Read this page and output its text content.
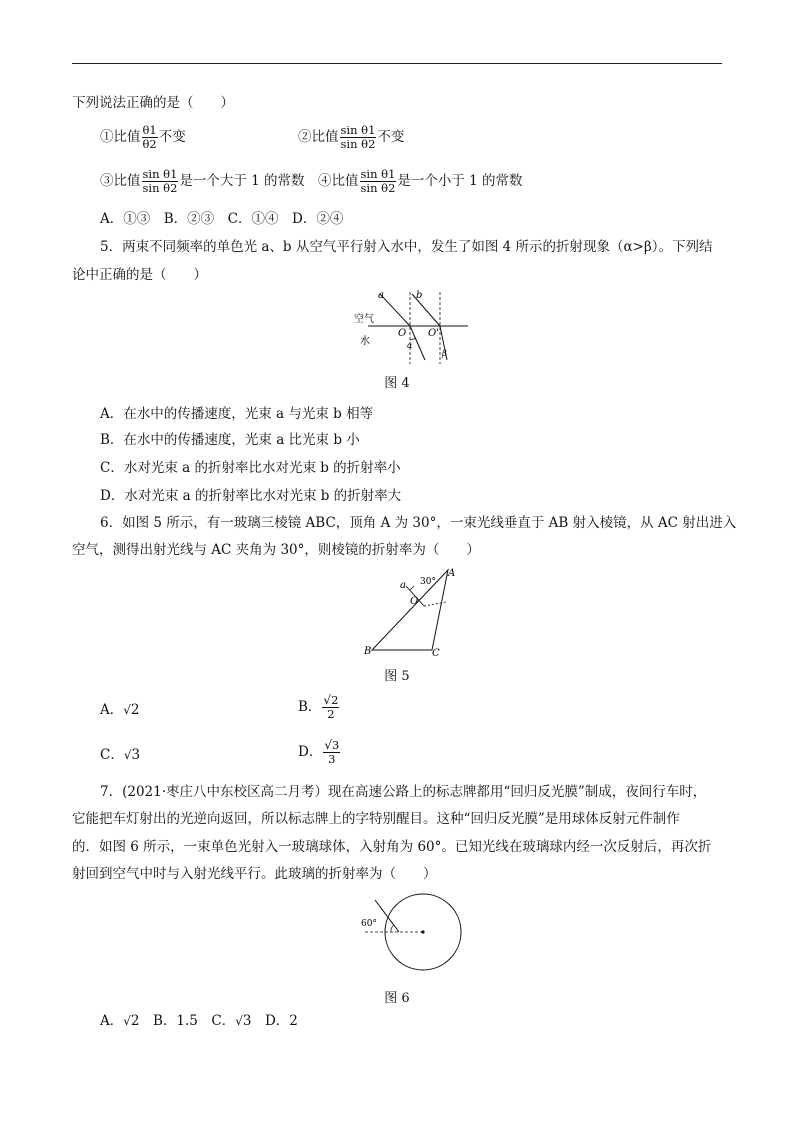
下列说法正确的是（　　）
①比值 $\frac{\theta 1}{\theta 2}$ 不变	②比值 $\frac{\text{sin θ1}}{\text{sin θ2}}$ 不变
③比值 $\frac{\text{sin θ1}}{\text{sin θ2}}$ 是一个大于 1 的常数 ④比值 $\frac{\text{sin θ1}}{\text{sin θ2}}$ 是一个小于 1 的常数
A．①③　B．②③　C．①④　D．②④
5．两束不同频率的单色光 a、b 从空气平行射入水中，发生了如图 4 所示的折射现象（α>β）。下列结
论中正确的是（　　）
空气
水
a	b
O O'
α
β
图 4
A．在水中的传播速度，光束 a 与光束 b 相等
B．在水中的传播速度，光束 a 比光束 b 小
C．水对光束 a 的折射率比水对光束 b 的折射率小
D．水对光束 a 的折射率比水对光束 b 的折射率大
6．如图 5 所示，有一玻璃三棱镜 ABC，顶角 A 为 30°，一束光线垂直于 AB 射入棱镜，从 AC 射出进入
空气，测得出射光线与 AC 夹角为 30°，则棱镜的折射率为（　　）
A
B	C
O
a 30°
图 5
A．√2	B． $\frac{√2}{2}$
C．√3	D． $\frac{√3}{3}$
7．(2021·枣庄八中东校区高二月考）现在高速公路上的标志牌都用“回归反光膜”制成，夜间行车时，
它能把车灯射出的光逆向返回，所以标志牌上的字特别醒目。这种“回归反光膜”是用球体反射元件制作
的．如图 6 所示，一束单色光射入一玻璃球体，入射角为 60°。已知光线在玻璃球内经一次反射后，再次折
射回到空气中时与入射光线平行。此玻璃的折射率为（　　）
60°
图 6
A．√2　 B．1.5　 C．√3　 D．2
